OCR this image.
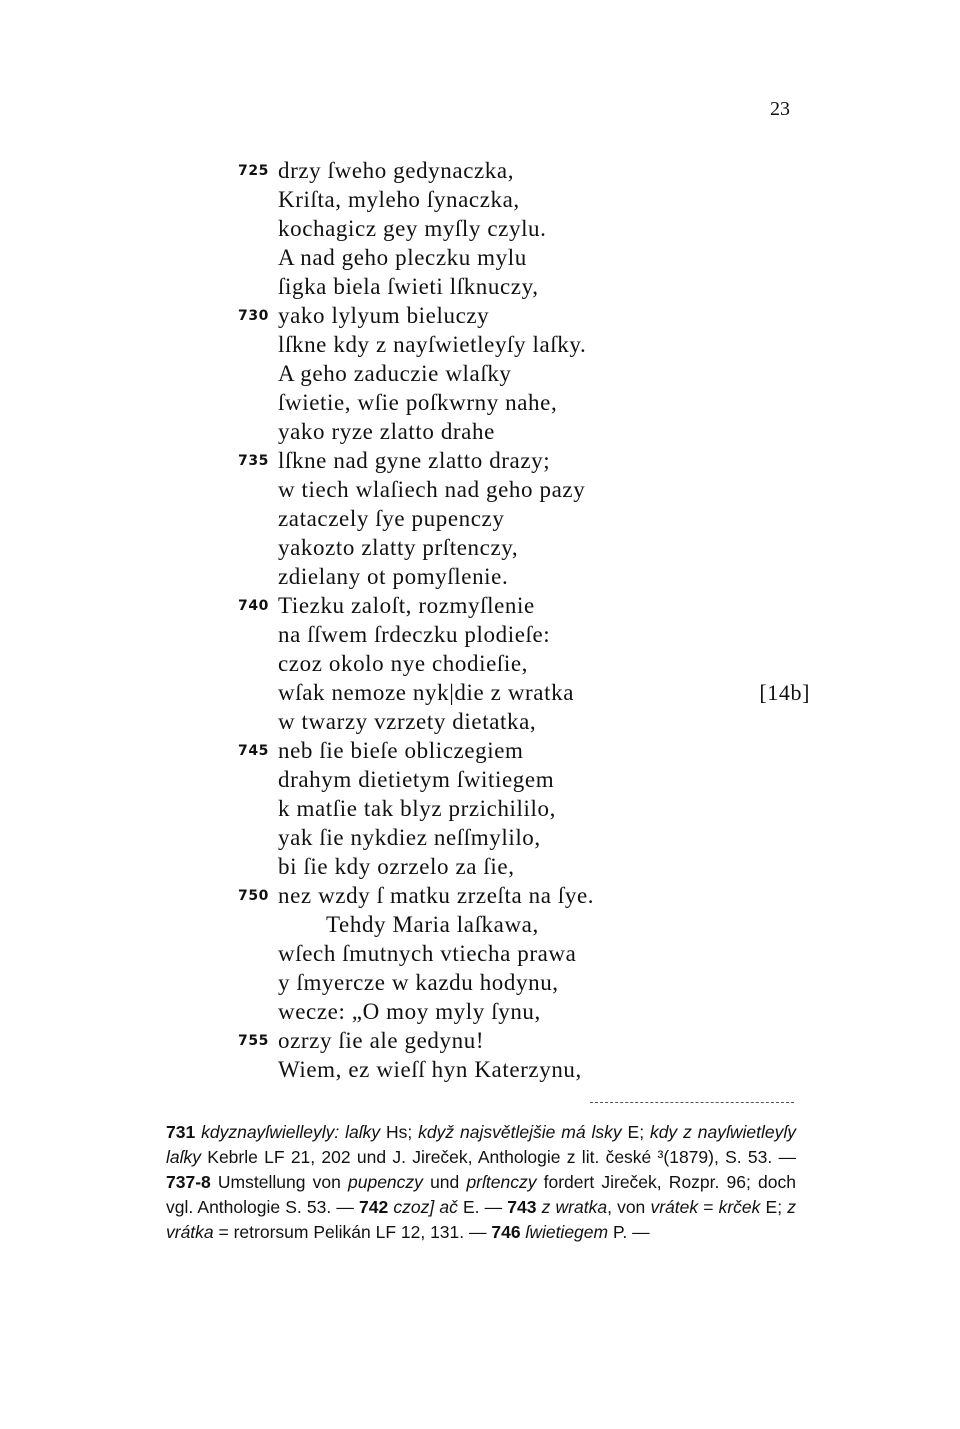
23
725 drzy ſweho gedynaczka,
Kriſta, myleho ſynaczka,
kochagicz gey myſly czylu.
A nad geho pleczku mylu
ſigka biela ſwieti lſknuczy,
730 yako lylyum bieluczy
lſkne kdy z nayſwietleyſy laſky.
A geho zaduczie wlaſky
ſwietie, wſie poſkwrny nahe,
yako ryze zlatto drahe
735 lſkne nad gyne zlatto drazy;
w tiech wlaſiech nad geho pazy
zataczely ſye pupenczy
yakozto zlatty prſtenczy,
zdielany ot pomyſlenie.
740 Tiezku zaloſt, rozmyſlenie
na ſſwem ſrdeczku plodieſe:
czoz okolo nye chodieſie,
wſak nemoze nyk|die z wratka	[14b]
w twarzy vzrzety dietatka,
745 neb ſie bieſe obliczegiem
drahym dietietym ſwitiegem
k matſie tak blyz przichililo,
yak ſie nykdiez neſſmylilo,
bi ſie kdy ozrzelo za ſie,
750 nez wzdy ſ matku zrzeſta na ſye.
Tehdy Maria laſkawa,
wſech ſmutnych vtiecha prawa
y ſmyercze w kazdu hodynu,
wecze: „O moy myly ſynu,
755 ozrzy ſie ale gedynu!
Wiem, ez wieſſ hyn Katerzynu,
731 kdyznayſwielleyly: laſky Hs; když najsvětlejšie má lsky E; kdy z nayſwietleyſy laſky Kebrle LF 21, 202 und J. Jireček, Anthologie z lit. české ³(1879), S. 53. — 737-8 Umstellung von pupenczy und prſtenczy fordert Jireček, Rozpr. 96; doch vgl. Anthologie S. 53. — 742 czoz] ač E. — 743 z wratka, von vrátek = krček E; z vrátka = retrorsum Pelikán LF 12, 131. — 746 ſwietiegem P. —
